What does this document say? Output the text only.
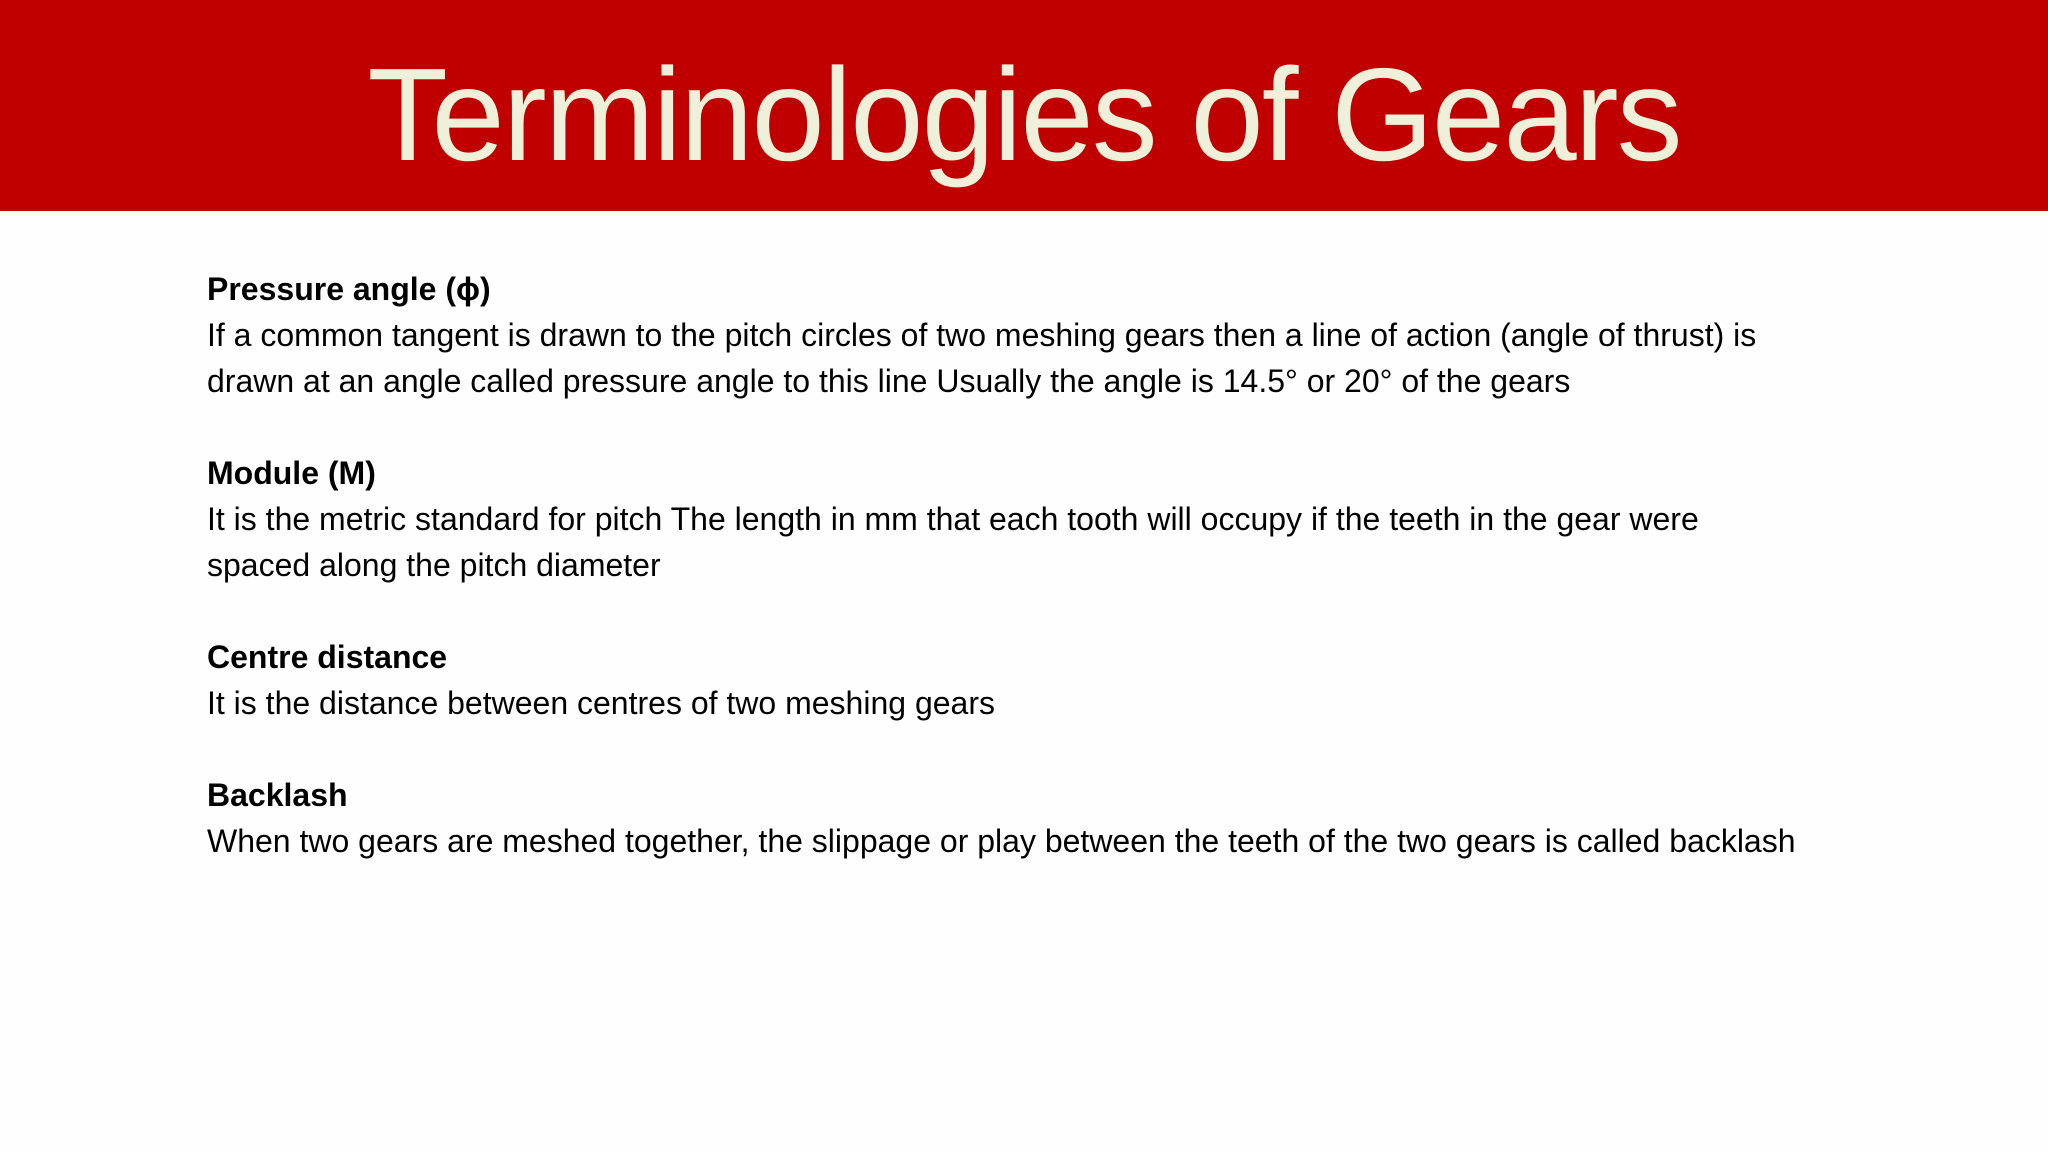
Terminologies of Gears
Pressure angle (ϕ)
If a common tangent is drawn to the pitch circles of two meshing gears then a line of action (angle of thrust) is
drawn at an angle called pressure angle to this line Usually the angle is 14.5° or 20° of the gears
Module (M)
It is the metric standard for pitch The length in mm that each tooth will occupy if the teeth in the gear were
spaced along the pitch diameter
Centre distance
It is the distance between centres of two meshing gears
Backlash
When two gears are meshed together, the slippage or play between the teeth of the two gears is called backlash
